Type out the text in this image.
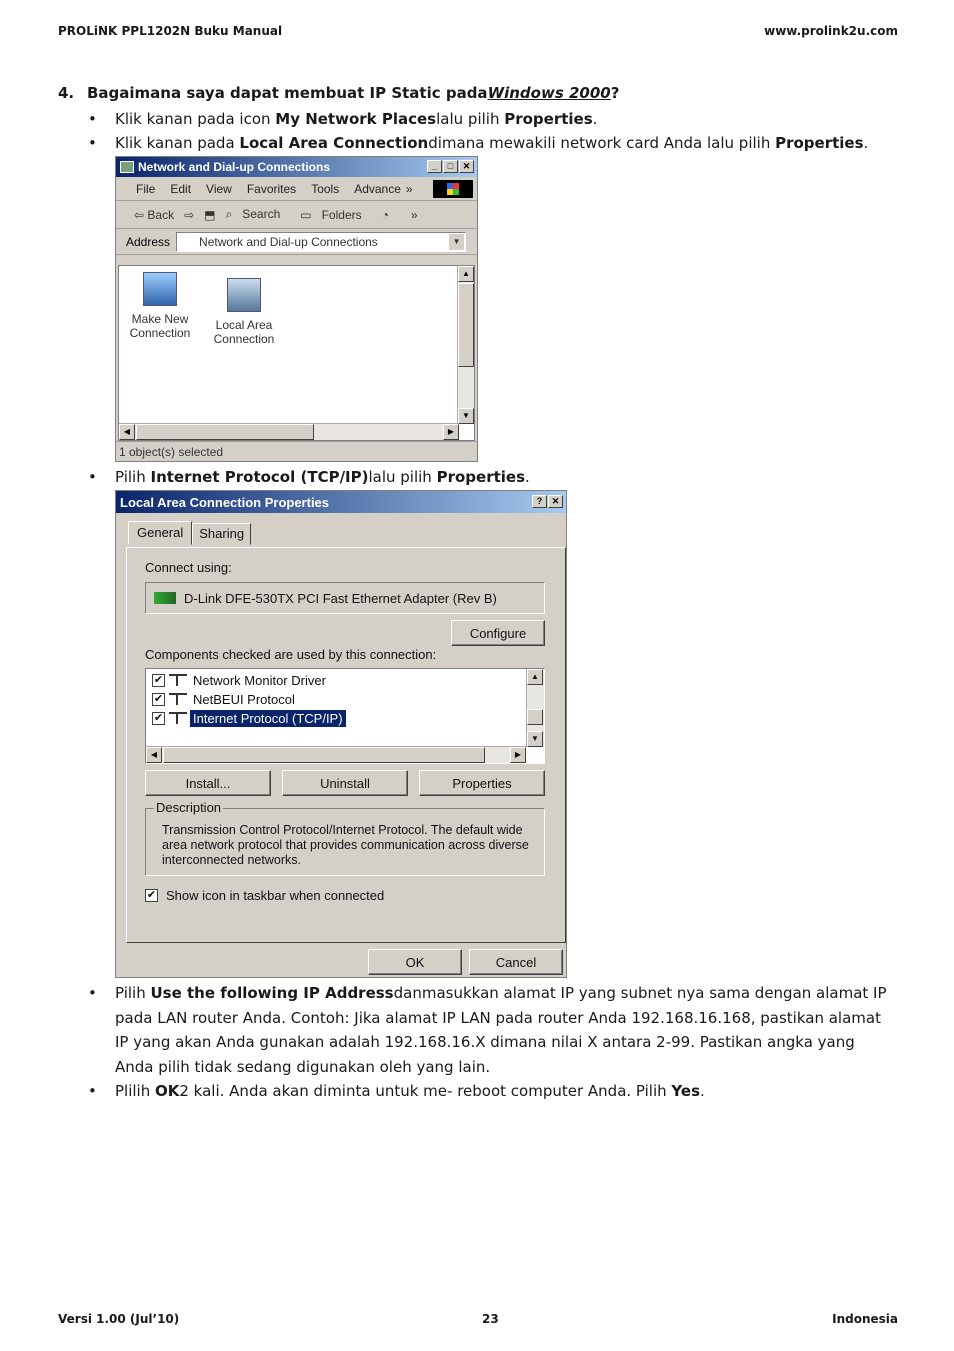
PROLiNK PPL1202N Buku Manual	www.prolink2u.com
4. Bagaimana saya dapat membuat IP Static padaWindows 2000?
• Klik kanan pada icon My Network Placeslalu pilih Properties.
• Klik kanan pada Local Area Connectiondimana mewakili network card Anda lalu pilih Properties.
Network and Dial-up Connections	_	□	✕
File Edit View Favorites Tools Advance »
⇦ Back ⇨ ⬒ ⌕ Search	▭ Folders	◔ »
Address Network and Dial-up Connections	▼
Make New
Connection
Local Area
Connection
▲
▼
◀	▶
1 object(s) selected
• Pilih Internet Protocol (TCP/IP)lalu pilih Properties.
Local Area Connection Properties	?	✕
General	Sharing
Connect using:
D-Link DFE-530TX PCI Fast Ethernet Adapter (Rev B)
Configure
Components checked are used by this connection:
✔ Network Monitor Driver
✔ NetBEUI Protocol
✔ Internet Protocol (TCP/IP)
▲
▼
◀	▶
Install...	Uninstall	Properties
Description
Transmission Control Protocol/Internet Protocol. The default wide area network protocol that provides communication across diverse interconnected networks.
✔ Show icon in taskbar when connected
OK	Cancel
• Pilih Use the following IP Addressdanmasukkan alamat IP yang subnet nya sama dengan alamat IP pada LAN router Anda. Contoh: Jika alamat IP LAN pada router Anda 192.168.16.168, pastikan alamat IP yang akan Anda gunakan adalah 192.168.16.X dimana nilai X antara 2-99. Pastikan angka yang Anda pilih tidak sedang digunakan oleh yang lain.
• Plilih OK2 kali. Anda akan diminta untuk me- reboot computer Anda. Pilih Yes.
Versi 1.00 (Jul’10)	23	Indonesia
